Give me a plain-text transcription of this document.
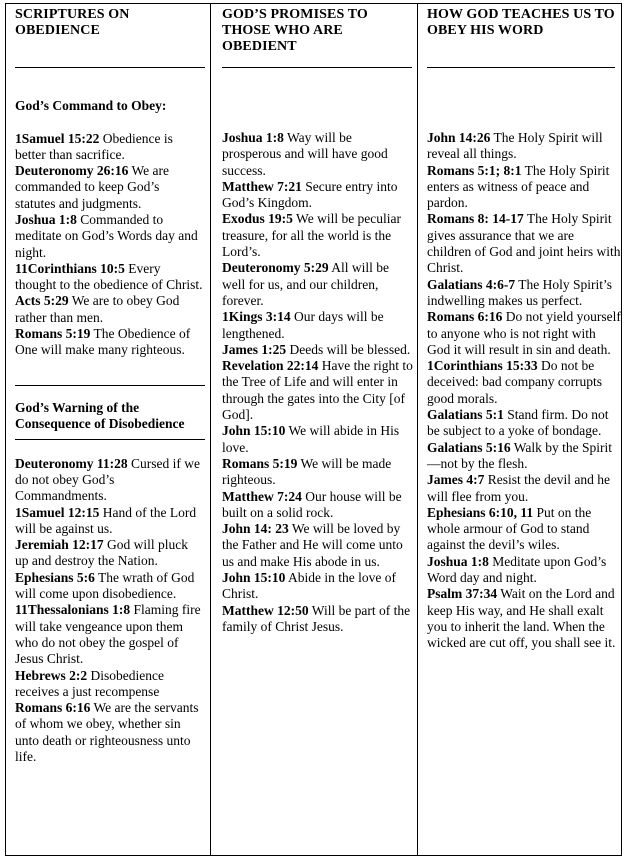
SCRIPTURES ON OBEDIENCE
God’s Command to Obey:
1Samuel 15:22 Obedience is better than sacrifice.
Deuteronomy 26:16 We are commanded to keep God’s statutes and judgments.
Joshua 1:8 Commanded to meditate on God’s Words day and night.
11Corinthians 10:5 Every thought to the obedience of Christ.
Acts 5:29 We are to obey God rather than men.
Romans 5:19 The Obedience of One will make many righteous.
God’s Warning of the Consequence of Disobedience
Deuteronomy 11:28 Cursed if we do not obey God’s Commandments.
1Samuel 12:15 Hand of the Lord will be against us.
Jeremiah 12:17 God will pluck up and destroy the Nation.
Ephesians 5:6 The wrath of God will come upon disobedience.
11Thessalonians 1:8 Flaming fire will take vengeance upon them who do not obey the gospel of Jesus Christ.
Hebrews 2:2 Disobedience receives a just recompense
Romans 6:16 We are the servants of whom we obey, whether sin unto death or righteousness unto life.
GOD’S PROMISES TO THOSE WHO ARE OBEDIENT
Joshua 1:8 Way will be prosperous and will have good success.
Matthew 7:21 Secure entry into God’s Kingdom.
Exodus 19:5 We will be peculiar treasure, for all the world is the Lord’s.
Deuteronomy 5:29 All will be well for us, and our children, forever.
1Kings 3:14 Our days will be lengthened.
James 1:25 Deeds will be blessed.
Revelation 22:14 Have the right to the Tree of Life and will enter in through the gates into the City [of God].
John 15:10 We will abide in His love.
Romans 5:19 We will be made righteous.
Matthew 7:24 Our house will be built on a solid rock.
John 14: 23 We will be loved by the Father and He will come unto us and make His abode in us.
John 15:10 Abide in the love of Christ.
Matthew 12:50 Will be part of the family of Christ Jesus.
HOW GOD TEACHES US TO OBEY HIS WORD
John 14:26 The Holy Spirit will reveal all things.
Romans 5:1; 8:1 The Holy Spirit enters as witness of peace and pardon.
Romans 8: 14-17 The Holy Spirit gives assurance that we are children of God and joint heirs with Christ.
Galatians 4:6-7 The Holy Spirit’s indwelling makes us perfect.
Romans 6:16 Do not yield yourself to anyone who is not right with God it will result in sin and death.
1Corinthians 15:33 Do not be deceived: bad company corrupts good morals.
Galatians 5:1 Stand firm. Do not be subject to a yoke of bondage.
Galatians 5:16 Walk by the Spirit—not by the flesh.
James 4:7 Resist the devil and he will flee from you.
Ephesians 6:10, 11 Put on the whole armour of God to stand against the devil’s wiles.
Joshua 1:8 Meditate upon God’s Word day and night.
Psalm 37:34 Wait on the Lord and keep His way, and He shall exalt you to inherit the land. When the wicked are cut off, you shall see it.
